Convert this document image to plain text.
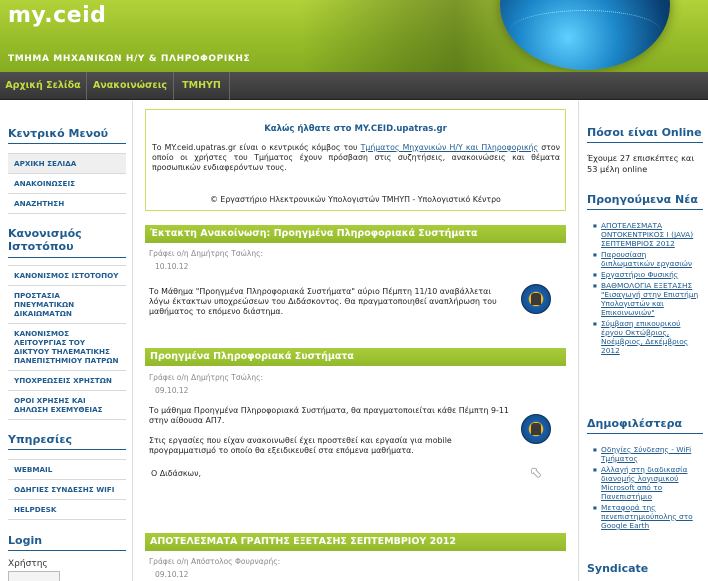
my.ceid
ΤΜΗΜΑ ΜΗΧΑΝΙΚΩΝ Η/Υ & ΠΛΗΡΟΦΟΡΙΚΗΣ
Αρχική Σελίδα	Ανακοινώσεις	ΤΜΗΥΠ
Κεντρικό Μενού
ΑΡΧΙΚΗ ΣΕΛΙΔΑ
ΑΝΑΚΟΙΝΩΣΕΙΣ
ΑΝΑΖΗΤΗΣΗ
Κανονισμός Ιστοτόπου
ΚΑΝΟΝΙΣΜΟΣ ΙΣΤΟΤΟΠΟΥ
ΠΡΟΣΤΑΣΙΑ ΠΝΕΥΜΑΤΙΚΩΝ ΔΙΚΑΙΩΜΑΤΩΝ
ΚΑΝΟΝΙΣΜΟΣ ΛΕΙΤΟΥΡΓΙΑΣ ΤΟΥ ΔΙΚΤΥΟΥ ΤΗΛΕΜΑΤΙΚΗΣ ΠΑΝΕΠΙΣΤΗΜΙΟΥ ΠΑΤΡΩΝ
ΥΠΟΧΡΕΩΣΕΙΣ ΧΡΗΣΤΩΝ
ΟΡΟΙ ΧΡΗΣΗΣ ΚΑΙ ΔΗΛΩΣΗ ΕΧΕΜΥΘΕΙΑΣ
Υπηρεσίες
WEBMAIL
ΟΔΗΓΙΕΣ ΣΥΝΔΕΣΗΣ WIFI
HELPDESK
Login
Χρήστης
Καλώς ήλθατε στο MY.CEID.upatras.gr
Το MY.ceid.upatras.gr είναι ο κεντρικός κόμβος του Τμήματος Μηχανικών Η/Υ και Πληροφορικής στον οποίο οι χρήστες του Τμήματος έχουν πρόσβαση στις συζητήσεις, ανακοινώσεις και θέματα προσωπικών ενδιαφερόντων τους.
© Εργαστήριο Ηλεκτρονικών Υπολογιστών ΤΜΗΥΠ - Υπολογιστικό Κέντρο
Έκτακτη Ανακοίνωση: Προηγμένα Πληροφοριακά Συστήματα
Γράφει ο/η Δημήτρης Τσώλης:
10.10.12
Το Μάθημα "Προηγμένα Πληροφοριακά Συστήματα" αύριο Πέμπτη 11/10 αναβάλλεται λόγω έκτακτων υποχρεώσεων του Διδάσκοντος. Θα πραγματοποιηθεί αναπλήρωση του μαθήματος το επόμενο διάστημα.
Προηγμένα Πληροφοριακά Συστήματα
Γράφει ο/η Δημήτρης Τσώλης:
09.10.12
Το μάθημα Προηγμένα Πληροφοριακά Συστήματα, θα πραγματοποιείται κάθε Πέμπτη 9-11 στην αίθουσα ΑΠ7.
Στις εργασίες που είχαν ανακοινωθεί έχει προστεθεί και εργασία για mobile προγραμματισμό το οποίο θα εξειδικευθεί στα επόμενα μαθήματα.
Ο Διδάσκων,
ΑΠΟΤΕΛΕΣΜΑΤΑ ΓΡΑΠΤΗΣ ΕΞΕΤΑΣΗΣ ΣΕΠΤΕΜΒΡΙΟΥ 2012
Γράφει ο/η Απόστολος Φουρναρής:
09.10.12
Πόσοι είναι Online
Έχουμε 27 επισκέπτες και 53 μέλη online
Προηγούμενα Νέα
■ ΑΠΟΤΕΛΕΣΜΑΤΑ ΟΝΤΟΚΕΝΤΡΙΚΟΣ Ι (JAVA) ΣΕΠΤΕΜΒΡΙΟΣ 2012
■ Παρουσίαση διπλωματικών εργασιών
■ Εργαστήριο Φυσικής
■ ΒΑΘΜΟΛΟΓΙΑ ΕΞΕΤΑΣΗΣ "Εισαγωγή στην Επιστήμη Υπολογιστών και Επικοινωνιών"
■ Σύμβαση επικουρικού έργου Οκτώβριος, Νοέμβριος, Δεκέμβριος 2012
Δημοφιλέστερα
■ Οδηγίες Σύνδεσης - WiFi Τμήματος
■ Αλλαγή στη διαδικασία διανομής λογισμικού Microsoft από το Πανεπιστήμιο
■ Μεταφορά της πενεπιστημιούπολης στο Google Earth
Syndicate
⬉
